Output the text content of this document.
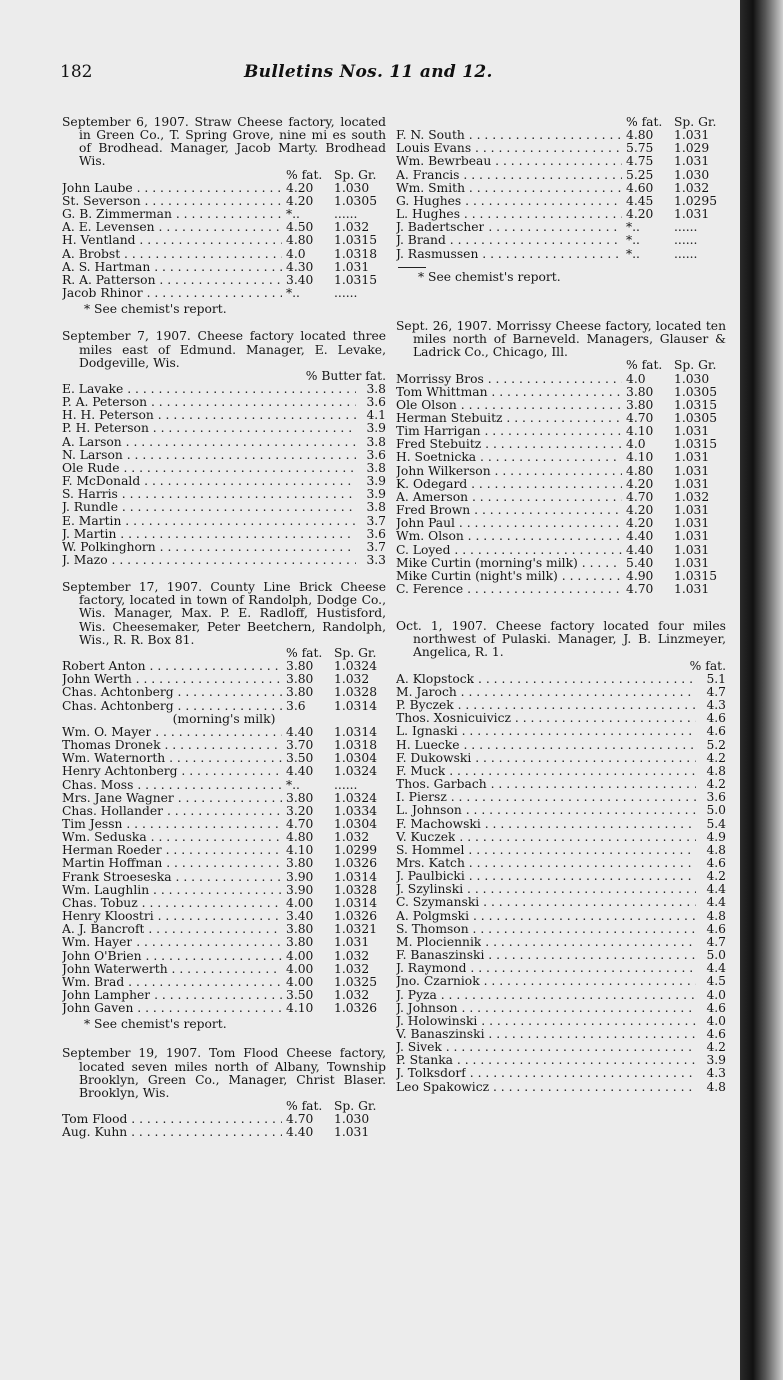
182	Bulletins Nos. 11 and 12.

September 6, 1907. Straw Cheese factory, located in Green Co., T. Spring Grove, nine mi es south of Brodhead. Manager, Jacob Marty. Brodhead Wis.

% fat. Sp. Gr.
John Laube . . .	4.20	1.030
St. Severson . . .	4.20	1.0305
G. B. Zimmerman . . .	*..	......
A. E. Levensen . . .	4.50	1.032
H. Ventland . . .	4.80	1.0315
A. Brobst . . .	4.0	1.0318
A. S. Hartman . . .	4.30	1.031
R. A. Patterson . . .	3.40	1.0315
Jacob Rhinor . . .	*..	......

* See chemist's report.

September 7, 1907. Cheese factory located three miles east of Edmund. Manager, E. Levake, Dodgeville, Wis.

% Butter fat.
E. Lavake . . .	3.8
P. A. Peterson . . .	3.6
H. H. Peterson . . .	4.1
P. H. Peterson . . .	3.9
A. Larson . . .	3.8
N. Larson . . .	3.6
Ole Rude . . .	3.8
F. McDonald . . .	3.9
S. Harris . . .	3.9
J. Rundle . . .	3.8
E. Martin . . .	3.7
J. Martin . . .	3.6
W. Polkinghorn . . .	3.7
J. Mazo . . .	3.3

September 17, 1907. County Line Brick Cheese factory, located in town of Randolph, Dodge Co., Wis. Manager, Max. P. E. Radloff, Hustisford, Wis. Cheesemaker, Peter Beetchern, Randolph, Wis., R. R. Box 81.

% fat. Sp. Gr.
Robert Anton . . .	3.80	1.0324
John Werth . . .	3.80	1.032
Chas. Achtonberg . . .	3.80	1.0328
Chas. Achtonberg . . .	3.6	1.0314
(morning's milk)
Wm. O. Mayer . . .	4.40	1.0314
Thomas Dronek . . .	3.70	1.0318
Wm. Waternorth . . .	3.50	1.0304
Henry Achtonberg . . .	4.40	1.0324
Chas. Moss . . .	*..	......
Mrs. Jane Wagner . . .	3.80	1.0324
Chas. Hollander . . .	3.20	1.0334
Tim Jessn . . .	4.70	1.0304
Wm. Seduska . . .	4.80	1.032
Herman Roeder . . .	4.10	1.0299
Martin Hoffman . . .	3.80	1.0326
Frank Stroeseska . . .	3.90	1.0314
Wm. Laughlin . . .	3.90	1.0328
Chas. Tobuz . . .	4.00	1.0314
Henry Kloostri . . .	3.40	1.0326
A. J. Bancroft . . .	3.80	1.0321
Wm. Hayer . . .	3.80	1.031
John O'Brien . . .	4.00	1.032
John Waterwerth . . .	4.00	1.032
Wm. Brad . . .	4.00	1.0325
John Lampher . . .	3.50	1.032
John Gaven . . .	4.10	1.0326

* See chemist's report.

September 19, 1907. Tom Flood Cheese factory, located seven miles north of Albany, Township Brooklyn, Green Co., Manager, Christ Blaser. Brooklyn, Wis.

% fat. Sp. Gr.
Tom Flood . . .	4.70	1.030
Aug. Kuhn . . .	4.40	1.031
% fat. Sp. Gr.
F. N. South . . .	4.80	1.031
Louis Evans . . .	5.75	1.029
Wm. Bewrbeau . . .	4.75	1.031
A. Francis . . .	5.25	1.030
Wm. Smith . . .	4.60	1.032
G. Hughes . . .	4.45	1.0295
L. Hughes . . .	4.20	1.031
J. Badertscher . . .	*..	......
J. Brand . . .	*..	......
J. Rasmussen . . .	*..	......

* See chemist's report.

Sept. 26, 1907. Morrissy Cheese factory, located ten miles north of Barneveld. Managers, Glauser & Ladrick Co., Chicago, Ill.

% fat. Sp. Gr.
Morrissy Bros . . .	4.0	1.030
Tom Whittman . . .	3.80	1.0305
Ole Olson . . .	3.80	1.0315
Herman Stebuitz . . .	4.70	1.0305
Tim Harrigan . . .	4.10	1.031
Fred Stebuitz . . .	4.0	1.0315
H. Soetnicka . . .	4.10	1.031
John Wilkerson . . .	4.80	1.031
K. Odegard . . .	4.20	1.031
A. Amerson . . .	4.70	1.032
Fred Brown . . .	4.20	1.031
John Paul . . .	4.20	1.031
Wm. Olson . . .	4.40	1.031
C. Loyed . . .	4.40	1.031
Mike Curtin (morning's milk) . . .	5.40	1.031
Mike Curtin (night's milk) . . .	4.90	1.0315
C. Ference . . .	4.70	1.031

Oct. 1, 1907. Cheese factory located four miles northwest of Pulaski. Manager, J. B. Linzmeyer, Angelica, R. 1.

% fat.
A. Klopstock . . .	5.1
M. Jaroch . . .	4.7
P. Byczek . . .	4.3
Thos. Xosnicuivicz . . .	4.6
L. Ignaski . . .	4.6
H. Luecke . . .	5.2
F. Dukowski . . .	4.2
F. Muck . . .	4.8
Thos. Garbach . . .	4.2
I. Piersz . . .	3.6
L. Johnson . . .	5.0
F. Machowski . . .	5.4
V. Kuczek . . .	4.9
S. Hommel . . .	4.8
Mrs. Katch . . .	4.6
J. Paulbicki . . .	4.2
J. Szylinski . . .	4.4
C. Szymanski . . .	4.4
A. Polgmski . . .	4.8
S. Thomson . . .	4.6
M. Plociennik . . .	4.7
F. Banaszinski . . .	5.0
J. Raymond . . .	4.4
Jno. Czarniok . . .	4.5
J. Pyza . . .	4.0
J. Johnson . . .	4.6
J. Holowinski . . .	4.0
V. Banaszinski . . .	4.6
J. Sivek . . .	4.2
P. Stanka . . .	3.9
J. Tolksdorf . . .	4.3
Leo Spakowicz . . .	4.8
